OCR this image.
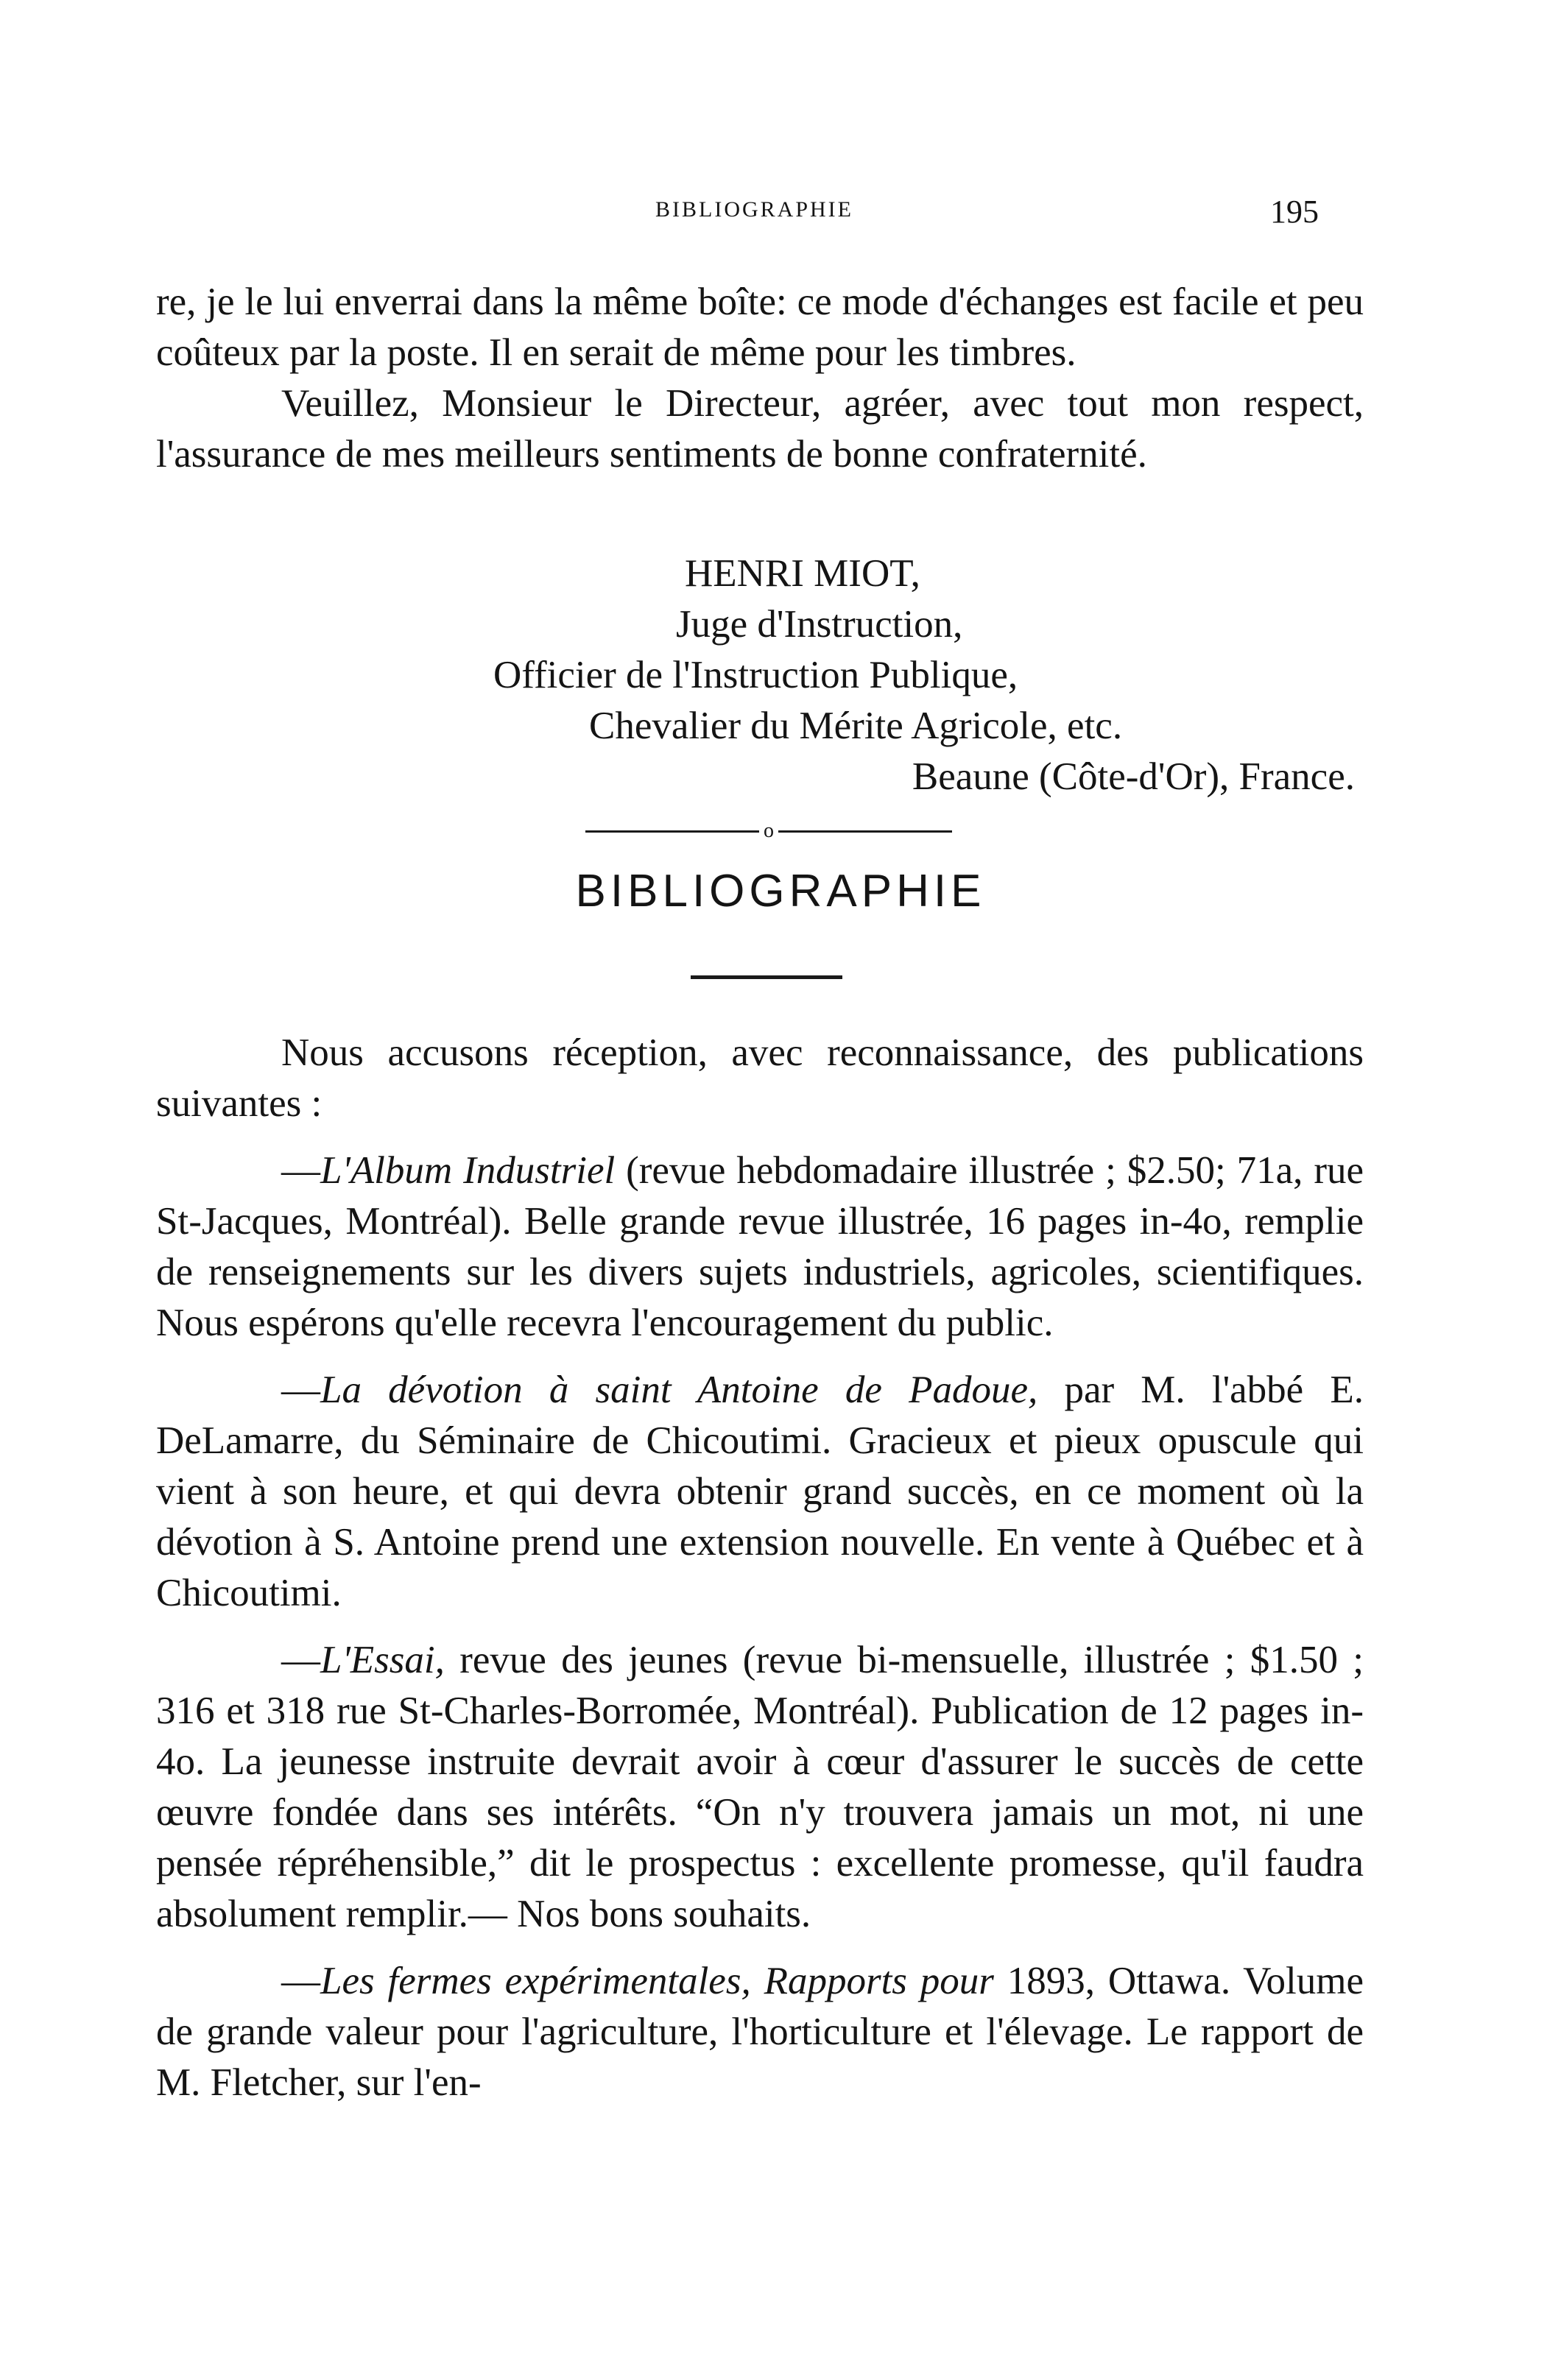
BIBLIOGRAPHIE	195

re, je le lui enverrai dans la même boîte: ce mode d'échanges est facile et peu coûteux par la poste. Il en serait de même pour les timbres.

Veuillez, Monsieur le Directeur, agréer, avec tout mon respect, l'assurance de mes meilleurs sentiments de bonne confraternité.

HENRI MIOT,
Juge d'Instruction,
Officier de l'Instruction Publique,
Chevalier du Mérite Agricole, etc.
Beaune (Côte-d'Or), France.
o
BIBLIOGRAPHIE

Nous accusons réception, avec reconnaissance, des publications suivantes :

—L'Album Industriel (revue hebdomadaire illustrée ; $2.50; 71a, rue St-Jacques, Montréal). Belle grande revue illustrée, 16 pages in-4o, remplie de renseignements sur les divers sujets industriels, agricoles, scientifiques. Nous espérons qu'elle recevra l'encouragement du public.

—La dévotion à saint Antoine de Padoue, par M. l'abbé E. DeLamarre, du Séminaire de Chicoutimi. Gracieux et pieux opuscule qui vient à son heure, et qui devra obtenir grand succès, en ce moment où la dévotion à S. Antoine prend une extension nouvelle. En vente à Québec et à Chicoutimi.

—L'Essai, revue des jeunes (revue bi-mensuelle, illustrée ; $1.50 ; 316 et 318 rue St-Charles-Borromée, Montréal). Publication de 12 pages in-4o. La jeunesse instruite devrait avoir à cœur d'assurer le succès de cette œuvre fondée dans ses intérêts. “On n'y trouvera jamais un mot, ni une pensée répréhensible,” dit le prospectus : excellente promesse, qu'il faudra absolument remplir.— Nos bons souhaits.

—Les fermes expérimentales, Rapports pour 1893, Ottawa. Volume de grande valeur pour l'agriculture, l'horticulture et l'élevage. Le rapport de M. Fletcher, sur l'en-
